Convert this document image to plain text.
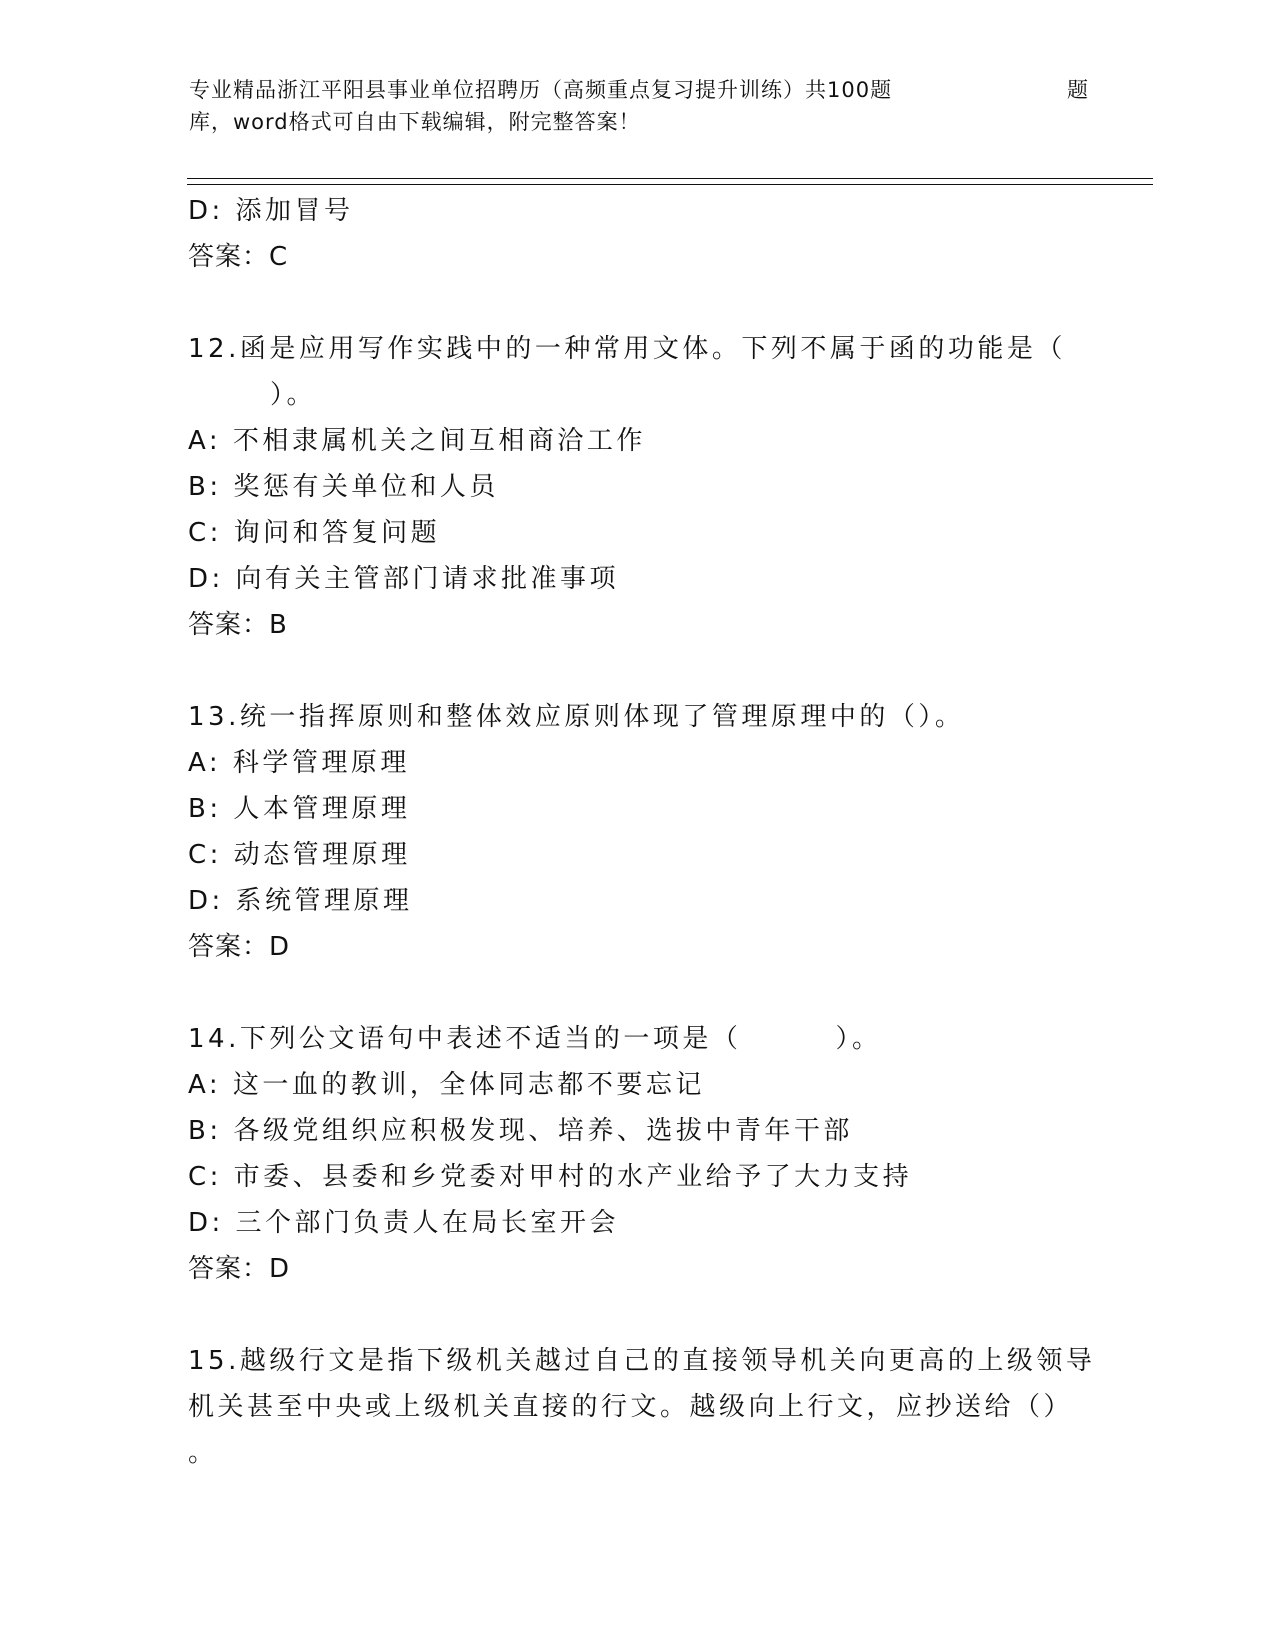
专业精品浙江平阳县事业单位招聘历（高频重点复习提升训练）共100题	题
库，word格式可自由下载编辑，附完整答案！
D: 添加冒号
答案：C
12.函是应用写作实践中的一种常用文体。下列不属于函的功能是（
）。
A: 不相隶属机关之间互相商洽工作
B: 奖惩有关单位和人员
C: 询问和答复问题
D: 向有关主管部门请求批准事项
答案：B
13.统一指挥原则和整体效应原则体现了管理原理中的（）。
A: 科学管理原理
B: 人本管理原理
C: 动态管理原理
D: 系统管理原理
答案：D
14.下列公文语句中表述不适当的一项是（        ）。
A: 这一血的教训，全体同志都不要忘记
B: 各级党组织应积极发现、培养、选拔中青年干部
C: 市委、县委和乡党委对甲村的水产业给予了大力支持
D: 三个部门负责人在局长室开会
答案：D
15.越级行文是指下级机关越过自己的直接领导机关向更高的上级领导
机关甚至中央或上级机关直接的行文。越级向上行文，应抄送给（）
。
